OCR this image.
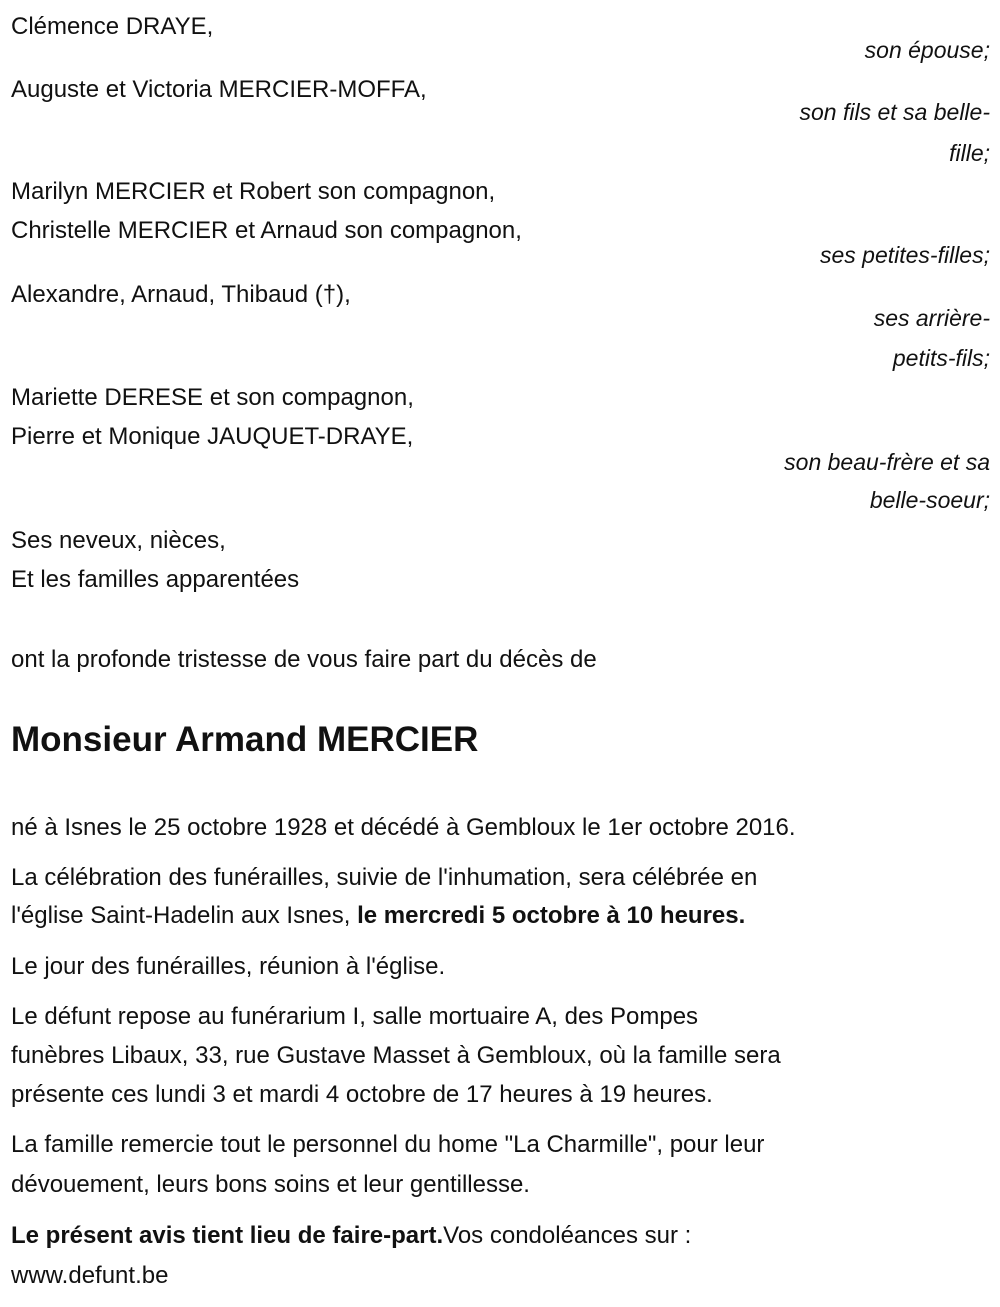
Clémence DRAYE,
son épouse;
Auguste et Victoria MERCIER-MOFFA,
son fils et sa belle-
fille;
Marilyn MERCIER et Robert son compagnon,
Christelle MERCIER et Arnaud son compagnon,
ses petites-filles;
Alexandre, Arnaud, Thibaud (†),
ses arrière-
petits-fils;
Mariette DERESE et son compagnon,
Pierre et Monique JAUQUET-DRAYE,
son beau-frère et sa
belle-soeur;
Ses neveux, nièces,
Et les familles apparentées
ont la profonde tristesse de vous faire part du décès de
Monsieur Armand MERCIER
né à Isnes le 25 octobre 1928 et décédé à Gembloux le 1er octobre 2016.
La célébration des funérailles, suivie de l'inhumation, sera célébrée en
l'église Saint-Hadelin aux Isnes, le mercredi 5 octobre à 10 heures.
Le jour des funérailles, réunion à l'église.
Le défunt repose au funérarium I, salle mortuaire A, des Pompes
funèbres Libaux, 33, rue Gustave Masset à Gembloux, où la famille sera
présente ces lundi 3 et mardi 4 octobre de 17 heures à 19 heures.
La famille remercie tout le personnel du home "La Charmille", pour leur
dévouement, leurs bons soins et leur gentillesse.
Le présent avis tient lieu de faire-part.Vos condoléances sur :
www.defunt.be
